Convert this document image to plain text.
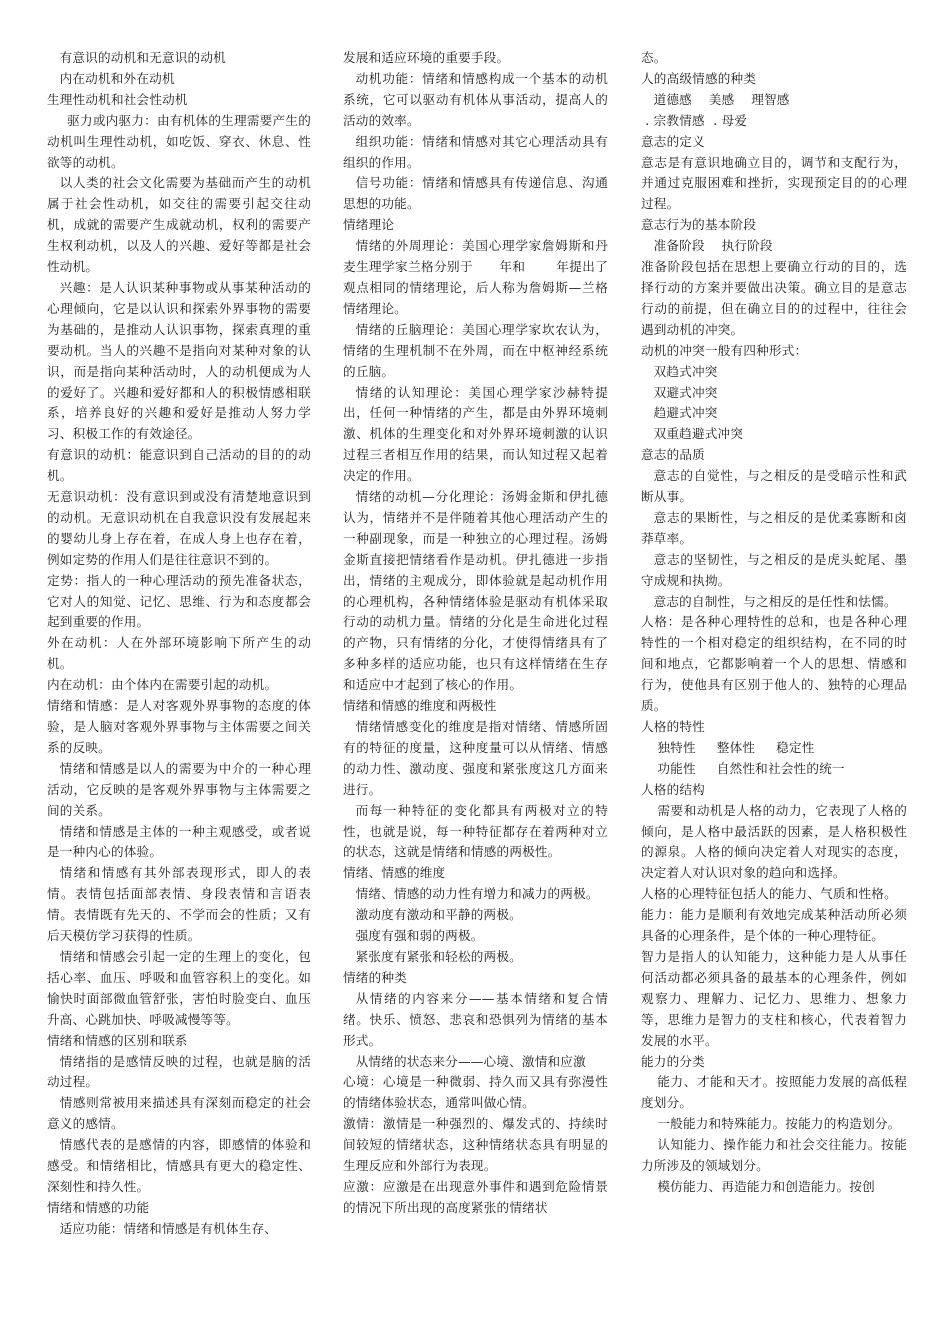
有意识的动机和无意识的动机

内在动机和外在动机

生理性动机和社会性动机

驱力或内驱力：由有机体的生理需要产生的动机叫生理性动机，如吃饭、穿衣、休息、性欲等的动机。

以人类的社会文化需要为基础而产生的动机属于社会性动机，如交往的需要引起交往动机，成就的需要产生成就动机，权利的需要产生权利动机，以及人的兴趣、爱好等都是社会性动机。

兴趣：是人认识某种事物或从事某种活动的心理倾向，它是以认识和探索外界事物的需要为基础的，是推动人认识事物，探索真理的重要动机。当人的兴趣不是指向对某种对象的认识，而是指向某种活动时，人的动机便成为人的爱好了。兴趣和爱好都和人的积极情感相联系，培养良好的兴趣和爱好是推动人努力学习、积极工作的有效途径。

有意识的动机：能意识到自己活动的目的的动机。

无意识动机：没有意识到或没有清楚地意识到的动机。无意识动机在自我意识没有发展起来的婴幼儿身上存在着，在成人身上也存在着，例如定势的作用人们是往往意识不到的。

定势：指人的一种心理活动的预先准备状态，它对人的知觉、记忆、思维、行为和态度都会起到重要的作用。

外在动机：人在外部环境影响下所产生的动机。

内在动机：由个体内在需要引起的动机。

情绪和情感：是人对客观外界事物的态度的体验，是人脑对客观外界事物与主体需要之间关系的反映。

情绪和情感是以人的需要为中介的一种心理活动，它反映的是客观外界事物与主体需要之间的关系。

情绪和情感是主体的一种主观感受，或者说是一种内心的体验。

情绪和情感有其外部表现形式，即人的表情。表情包括面部表情、身段表情和言语表情。表情既有先天的、不学而会的性质；又有后天模仿学习获得的性质。

情绪和情感会引起一定的生理上的变化，包括心率、血压、呼吸和血管容积上的变化。如愉快时面部微血管舒张，害怕时脸变白、血压升高、心跳加快、呼吸减慢等等。

情绪和情感的区别和联系

情绪指的是感情反映的过程，也就是脑的活动过程。

情感则常被用来描述具有深刻而稳定的社会意义的感情。

情感代表的是感情的内容，即感情的体验和感受。和情绪相比，情感具有更大的稳定性、深刻性和持久性。

情绪和情感的功能

适应功能：情绪和情感是有机体生存、

发展和适应环境的重要手段。

动机功能：情绪和情感构成一个基本的动机系统，它可以驱动有机体从事活动，提高人的活动的效率。

组织功能：情绪和情感对其它心理活动具有组织的作用。

信号功能：情绪和情感具有传递信息、沟通思想的功能。

情绪理论

情绪的外周理论：美国心理学家詹姆斯和丹麦生理学家兰格分别于      年和       年提出了观点相同的情绪理论，后人称为詹姆斯—兰格情绪理论。

情绪的丘脑理论：美国心理学家坎农认为，情绪的生理机制不在外周，而在中枢神经系统的丘脑。

情绪的认知理论：美国心理学家沙赫特提出，任何一种情绪的产生，都是由外界环境刺激、机体的生理变化和对外界环境刺激的认识过程三者相互作用的结果，而认知过程又起着决定的作用。

情绪的动机—分化理论：汤姆金斯和伊扎德认为，情绪并不是伴随着其他心理活动产生的一种副现象，而是一种独立的心理过程。汤姆金斯直接把情绪看作是动机。伊扎德进一步指出，情绪的主观成分，即体验就是起动机作用的心理机构，各种情绪体验是驱动有机体采取行动的动机力量。情绪的分化是生命进化过程的产物，只有情绪的分化，才使得情绪具有了多种多样的适应功能，也只有这样情绪在生存和适应中才起到了核心的作用。

情绪和情感的维度和两极性

情绪情感变化的维度是指对情绪、情感所固有的特征的度量，这种度量可以从情绪、情感的动力性、激动度、强度和紧张度这几方面来进行。

而每一种特征的变化都具有两极对立的特性，也就是说，每一种特征都存在着两种对立的状态，这就是情绪和情感的两极性。

情绪、情感的维度

情绪、情感的动力性有增力和减力的两极。

激动度有激动和平静的两极。

强度有强和弱的两极。

紧张度有紧张和轻松的两极。

情绪的种类

从情绪的内容来分——基本情绪和复合情绪。快乐、愤怒、悲哀和恐惧列为情绪的基本形式。

从情绪的状态来分——心境、激情和应激

心境：心境是一种微弱、持久而又具有弥漫性的情绪体验状态，通常叫做心情。

激情：激情是一种强烈的、爆发式的、持续时间较短的情绪状态，这种情绪状态具有明显的生理反应和外部行为表现。

应激：应激是在出现意外事件和遇到危险情景的情况下所出现的高度紧张的情绪状

态。

人的高级情感的种类

道德感    美感    理智感

. 宗教情感  . 母爱

意志的定义

意志是有意识地确立目的，调节和支配行为，并通过克服困难和挫折，实现预定目的的心理过程。

意志行为的基本阶段

准备阶段    执行阶段

准备阶段包括在思想上要确立行动的目的，选择行动的方案并要做出决策。确立目的是意志行动的前提，但在确立目的的过程中，往往会遇到动机的冲突。

动机的冲突一般有四种形式：

双趋式冲突

双避式冲突

趋避式冲突

双重趋避式冲突

意志的品质

意志的自觉性，与之相反的是受暗示性和武断从事。

意志的果断性，与之相反的是优柔寡断和卤莽草率。

意志的坚韧性，与之相反的是虎头蛇尾、墨守成规和执拗。

意志的自制性，与之相反的是任性和怯懦。

人格：是各种心理特性的总和，也是各种心理特性的一个相对稳定的组织结构，在不同的时间和地点，它都影响着一个人的思想、情感和行为，使他具有区别于他人的、独特的心理品质。

人格的特性

独特性     整体性     稳定性

功能性     自然性和社会性的统一

人格的结构

需要和动机是人格的动力，它表现了人格的倾向，是人格中最活跃的因素，是人格积极性的源泉。人格的倾向决定着人对现实的态度，决定着人对认识对象的趋向和选择。

人格的心理特征包括人的能力、气质和性格。

能力：能力是顺利有效地完成某种活动所必须具备的心理条件，是个体的一种心理特征。

智力是指人的认知能力，这种能力是人从事任何活动都必须具备的最基本的心理条件，例如观察力、理解力、记忆力、思维力、想象力等，思维力是智力的支柱和核心，代表着智力发展的水平。

能力的分类

能力、才能和天才。按照能力发展的高低程度划分。

一般能力和特殊能力。按能力的构造划分。

认知能力、操作能力和社会交往能力。按能力所涉及的领域划分。

模仿能力、再造能力和创造能力。按创
